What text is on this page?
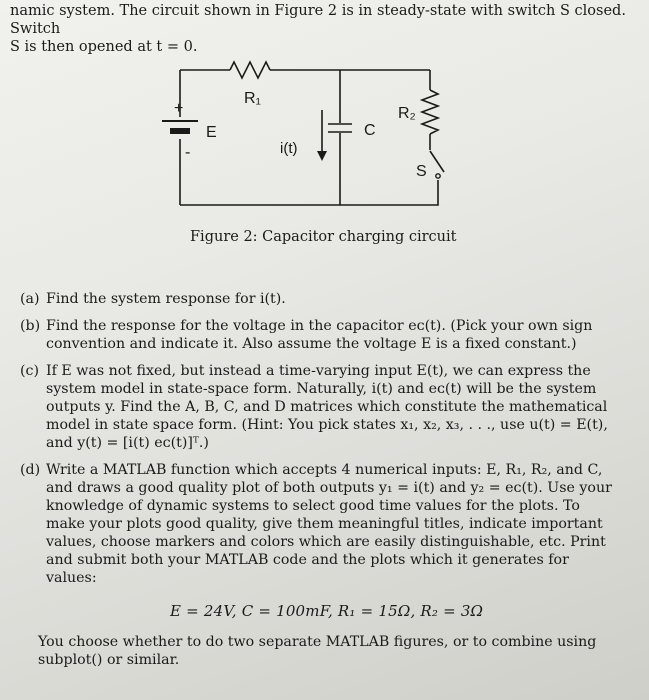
namic system. The circuit shown in Figure 2 is in steady-state with switch S closed. Switch

S is then opened at t = 0.

R₁
R₂
C
E
i(t)
S
+
-
Figure 2: Capacitor charging circuit
(a) Find the system response for i(t).
(b) Find the response for the voltage in the capacitor eᴄ(t). (Pick your own sign convention and indicate it. Also assume the voltage E is a fixed constant.)
(c) If E was not fixed, but instead a time-varying input E(t), we can express the system model in state-space form. Naturally, i(t) and eᴄ(t) will be the system outputs y. Find the A, B, C, and D matrices which constitute the mathematical model in state space form. (Hint: You pick states x₁, x₂, x₃, . . ., use u(t) = E(t), and y(t) = [i(t) eᴄ(t)]ᵀ.)
(d) Write a MATLAB function which accepts 4 numerical inputs: E, R₁, R₂, and C, and draws a good quality plot of both outputs y₁ = i(t) and y₂ = eᴄ(t). Use your knowledge of dynamic systems to select good time values for the plots. To make your plots good quality, give them meaningful titles, indicate important values, choose markers and colors which are easily distinguishable, etc. Print and submit both your MATLAB code and the plots which it generates for values:
E = 24V, C = 100mF, R₁ = 15Ω, R₂ = 3Ω
You choose whether to do two separate MATLAB figures, or to combine using subplot() or similar.
